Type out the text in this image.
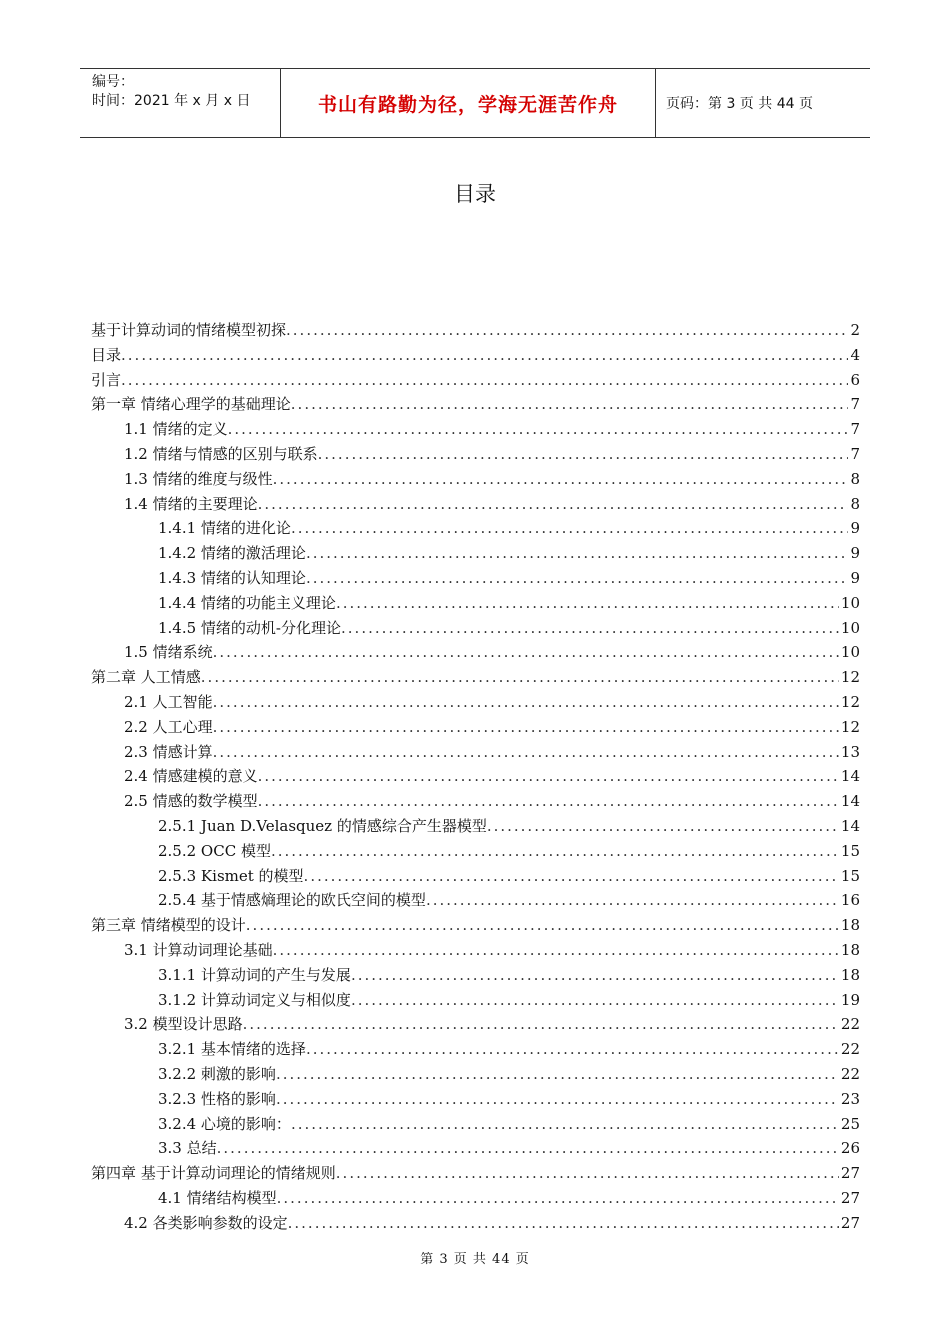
编号：
时间：2021 年 x 月 x 日	书山有路勤为径，学海无涯苦作舟	页码：第 3 页 共 44 页
目录
基于计算动词的情绪模型初探 .....	2
目录 .....	4
引言 .....	6
第一章 情绪心理学的基础理论 .....	7
1.1 情绪的定义 .....	7
1.2 情绪与情感的区别与联系 .....	7
1.3 情绪的维度与级性 .....	8
1.4 情绪的主要理论 .....	8
1.4.1 情绪的进化论 .....	9
1.4.2 情绪的激活理论 .....	9
1.4.3 情绪的认知理论 .....	9
1.4.4 情绪的功能主义理论 .....	10
1.4.5 情绪的动机-分化理论 .....	10
1.5 情绪系统 .....	10
第二章 人工情感 .....	12
2.1 人工智能 .....	12
2.2 人工心理 .....	12
2.3 情感计算 .....	13
2.4 情感建模的意义 .....	14
2.5 情感的数学模型 .....	14
2.5.1 Juan D.Velasquez 的情感综合产生器模型 .....	14
2.5.2 OCC 模型 .....	15
2.5.3 Kismet 的模型 .....	15
2.5.4 基于情感熵理论的欧氏空间的模型 .....	16
第三章 情绪模型的设计 .....	18
3.1 计算动词理论基础 .....	18
3.1.1 计算动词的产生与发展 .....	18
3.1.2 计算动词定义与相似度 .....	19
3.2 模型设计思路 .....	22
3.2.1 基本情绪的选择 .....	22
3.2.2 刺激的影响 .....	22
3.2.3 性格的影响 .....	23
3.2.4 心境的影响： .....	25
3.3 总结 .....	26
第四章 基于计算动词理论的情绪规则 .....	27
4.1 情绪结构模型 .....	27
4.2 各类影响参数的设定 .....	27
第 3 页 共 44 页
